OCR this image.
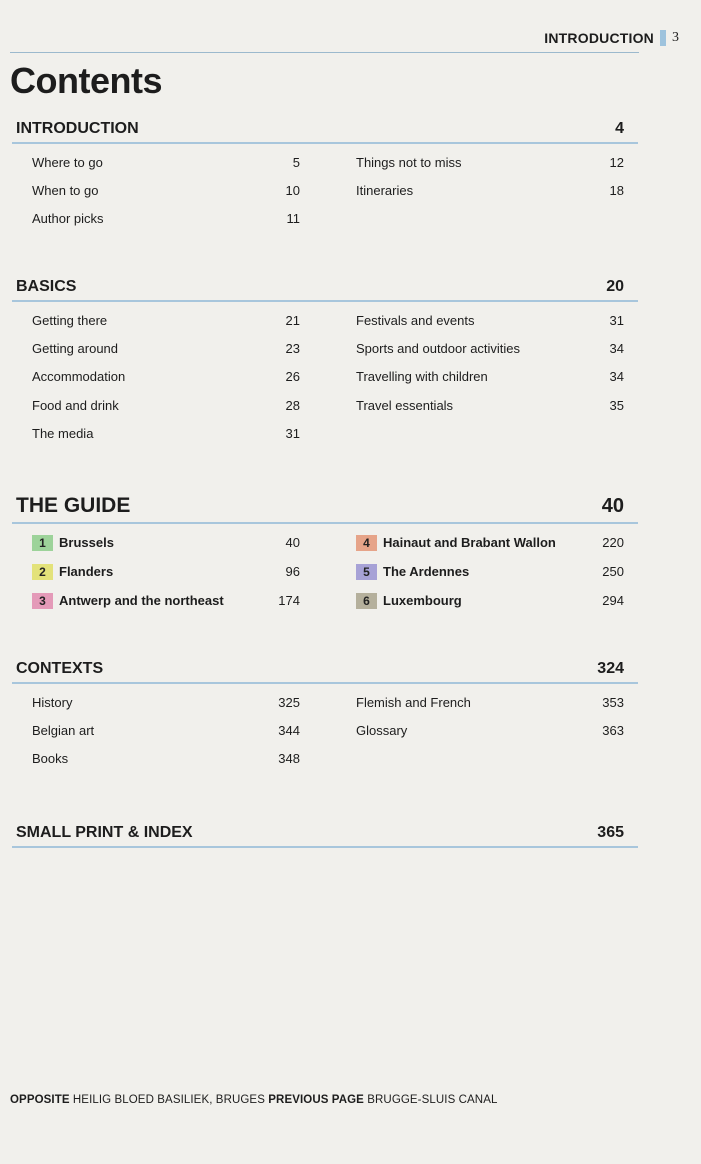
INTRODUCTION 3
Contents
INTRODUCTION	4
Where to go	5
When to go	10
Author picks	11
Things not to miss	12
Itineraries	18
BASICS	20
Getting there	21
Getting around	23
Accommodation	26
Food and drink	28
The media	31
Festivals and events	31
Sports and outdoor activities	34
Travelling with children	34
Travel essentials	35
THE GUIDE	40
1	Brussels	40
2	Flanders	96
3	Antwerp and the northeast	174
4	Hainaut and Brabant Wallon	220
5	The Ardennes	250
6	Luxembourg	294
CONTEXTS	324
History	325
Belgian art	344
Books	348
Flemish and French	353
Glossary	363
SMALL PRINT & INDEX	365
OPPOSITE HEILIG BLOED BASILIEK, BRUGES PREVIOUS PAGE BRUGGE-SLUIS CANAL
